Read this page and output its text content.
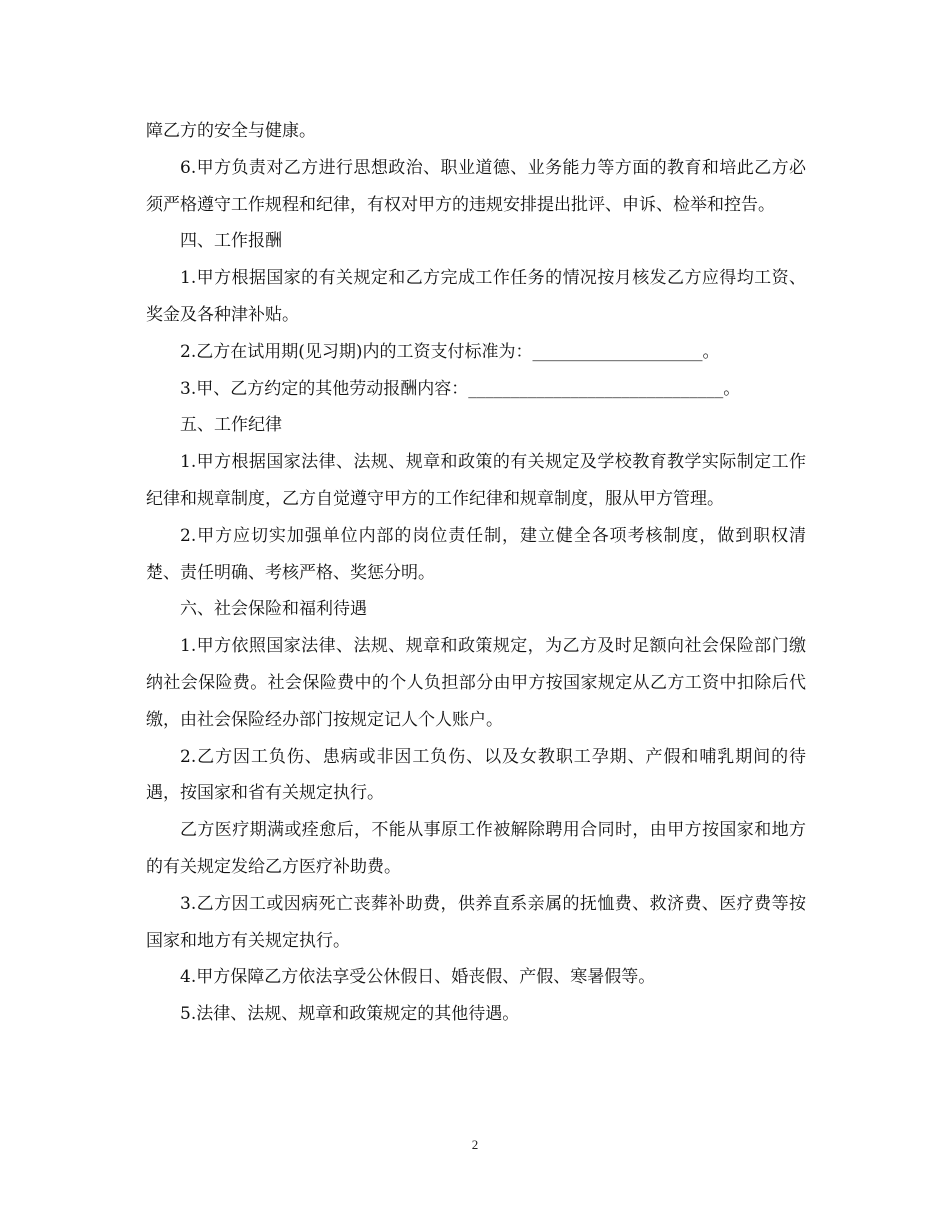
障乙方的安全与健康。

6.甲方负责对乙方进行思想政治、职业道德、业务能力等方面的教育和培此乙方必须严格遵守工作规程和纪律，有权对甲方的违规安排提出批评、申诉、检举和控告。

四、工作报酬

1.甲方根据国家的有关规定和乙方完成工作任务的情况按月核发乙方应得均工资、奖金及各种津补贴。

2.乙方在试用期(见习期)内的工资支付标准为：____________________。

3.甲、乙方约定的其他劳动报酬内容：______________________________。

五、工作纪律

1.甲方根据国家法律、法规、规章和政策的有关规定及学校教育教学实际制定工作纪律和规章制度，乙方自觉遵守甲方的工作纪律和规章制度，服从甲方管理。

2.甲方应切实加强单位内部的岗位责任制，建立健全各项考核制度，做到职权清楚、责任明确、考核严格、奖惩分明。

六、社会保险和福利待遇

1.甲方依照国家法律、法规、规章和政策规定，为乙方及时足额向社会保险部门缴纳社会保险费。社会保险费中的个人负担部分由甲方按国家规定从乙方工资中扣除后代缴，由社会保险经办部门按规定记人个人账户。

2.乙方因工负伤、患病或非因工负伤、以及女教职工孕期、产假和哺乳期间的待遇，按国家和省有关规定执行。

乙方医疗期满或痊愈后，不能从事原工作被解除聘用合同时，由甲方按国家和地方的有关规定发给乙方医疗补助费。

3.乙方因工或因病死亡丧葬补助费，供养直系亲属的抚恤费、救济费、医疗费等按国家和地方有关规定执行。

4.甲方保障乙方依法享受公休假日、婚丧假、产假、寒暑假等。

5.法律、法规、规章和政策规定的其他待遇。

2
